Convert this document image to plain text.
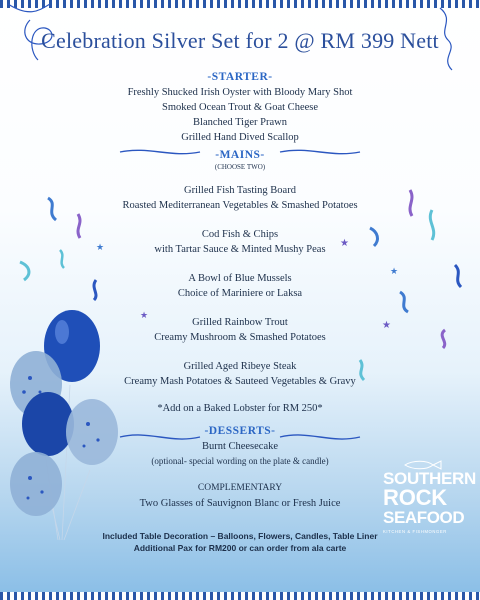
★
★
★
★
★
Celebration Silver Set for 2 @ RM 399 Nett
-STARTER-
Freshly Shucked Irish Oyster with Bloody Mary Shot
Smoked Ocean Trout & Goat Cheese
Blanched Tiger Prawn
Grilled Hand Dived Scallop
-MAINS-
(CHOOSE TWO)
Grilled Fish Tasting Board
Roasted Mediterranean Vegetables & Smashed Potatoes
Cod Fish & Chips
with Tartar Sauce & Minted Mushy Peas
A Bowl of Blue Mussels
Choice of Mariniere or Laksa
Grilled Rainbow Trout
Creamy Mushroom & Smashed Potatoes
Grilled Aged Ribeye Steak
Creamy Mash Potatoes & Sauteed Vegetables & Gravy
*Add on a Baked Lobster for RM 250*
-DESSERTS-
Burnt Cheesecake
(optional- special wording on the plate & candle)
COMPLEMENTARY
Two Glasses of Sauvignon Blanc or Fresh Juice
Included Table Decoration – Balloons, Flowers, Candles, Table Liner
Additional Pax for RM200 or can order from ala carte
SOUTHERN
ROCK
SEAFOOD
KITCHEN & FISHMONGER
